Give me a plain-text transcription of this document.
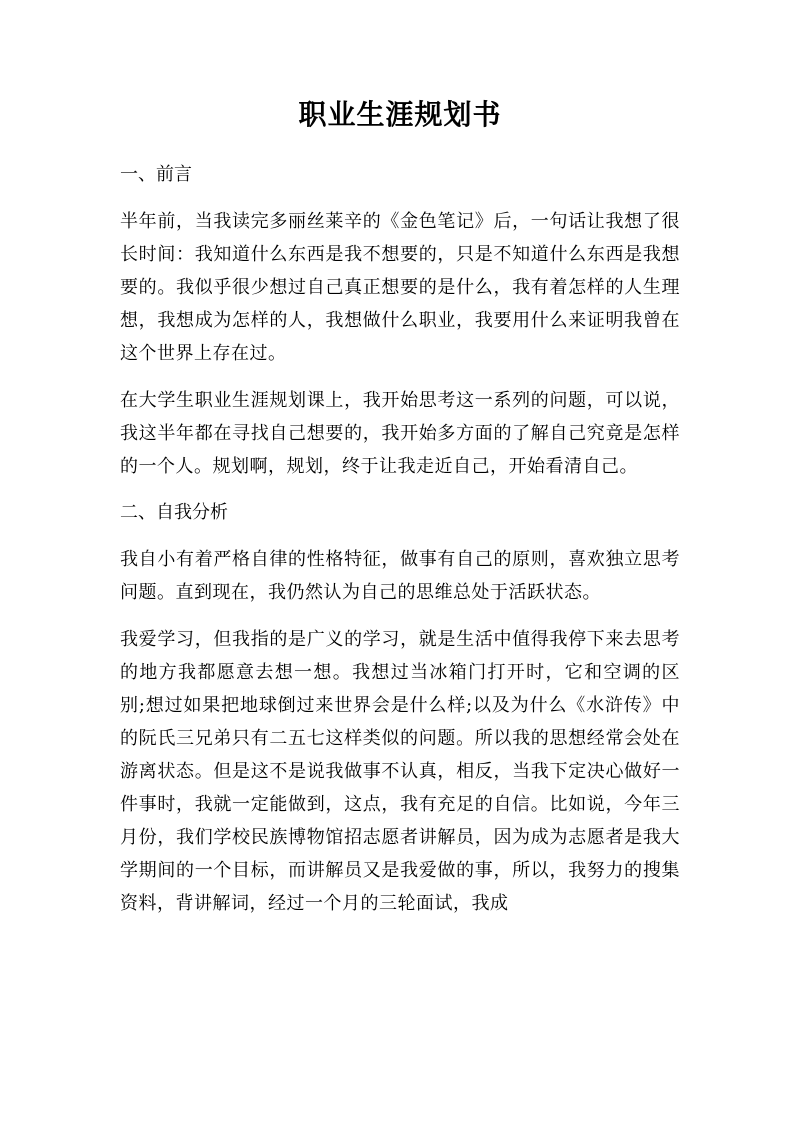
职业生涯规划书

一、前言

半年前，当我读完多丽丝莱辛的《金色笔记》后，一句话让我想了很长时间：我知道什么东西是我不想要的，只是不知道什么东西是我想要的。我似乎很少想过自己真正想要的是什么，我有着怎样的人生理想，我想成为怎样的人，我想做什么职业，我要用什么来证明我曾在这个世界上存在过。

在大学生职业生涯规划课上，我开始思考这一系列的问题，可以说，我这半年都在寻找自己想要的，我开始多方面的了解自己究竟是怎样的一个人。规划啊，规划，终于让我走近自己，开始看清自己。

二、自我分析

我自小有着严格自律的性格特征，做事有自己的原则，喜欢独立思考问题。直到现在，我仍然认为自己的思维总处于活跃状态。

我爱学习，但我指的是广义的学习，就是生活中值得我停下来去思考的地方我都愿意去想一想。我想过当冰箱门打开时，它和空调的区别;想过如果把地球倒过来世界会是什么样;以及为什么《水浒传》中的阮氏三兄弟只有二五七这样类似的问题。所以我的思想经常会处在游离状态。但是这不是说我做事不认真，相反，当我下定决心做好一件事时，我就一定能做到，这点，我有充足的自信。比如说，今年三月份，我们学校民族博物馆招志愿者讲解员，因为成为志愿者是我大学期间的一个目标，而讲解员又是我爱做的事，所以，我努力的搜集资料，背讲解词，经过一个月的三轮面试，我成
